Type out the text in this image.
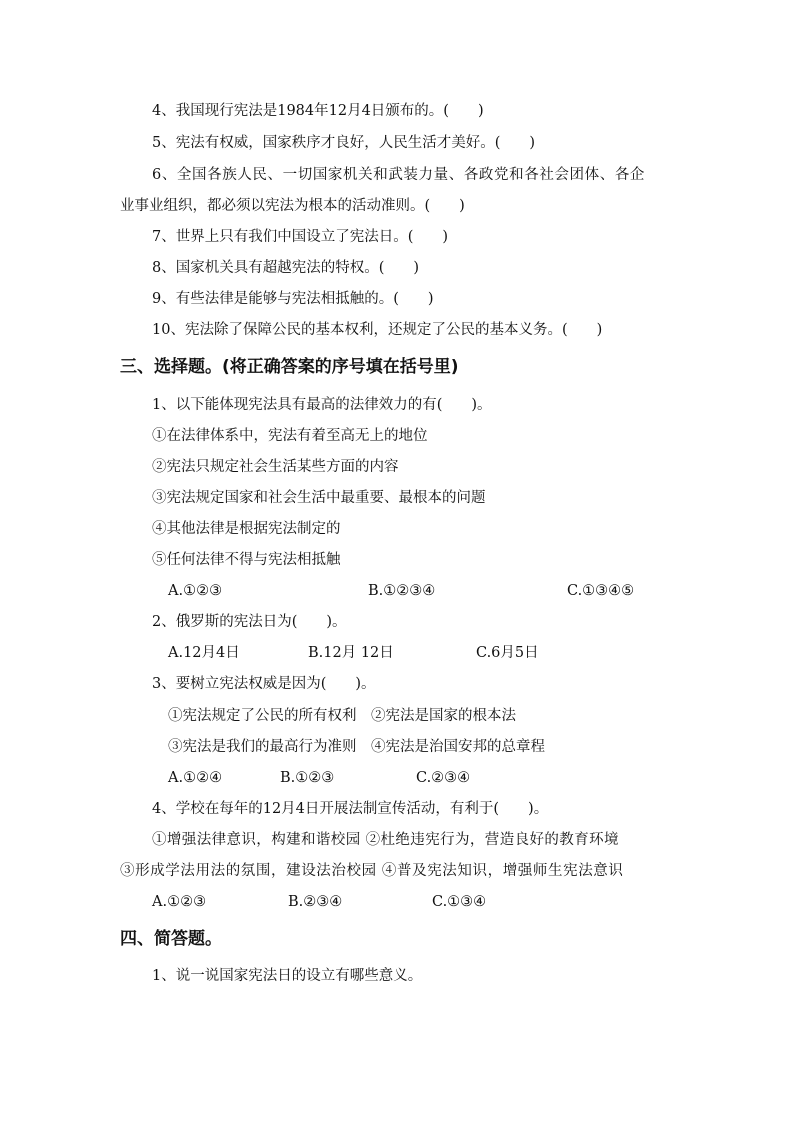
4、我国现行宪法是1984年12月4日颁布的。(　　)
5、宪法有权威，国家秩序才良好，人民生活才美好。(　　)
6、全国各族人民、一切国家机关和武装力量、各政党和各社会团体、各企
业事业组织，都必须以宪法为根本的活动准则。(　　)
7、世界上只有我们中国设立了宪法日。(　　)
8、国家机关具有超越宪法的特权。(　　)
9、有些法律是能够与宪法相抵触的。(　　)
10、宪法除了保障公民的基本权利，还规定了公民的基本义务。(　　)
三、选择题。(将正确答案的序号填在括号里)
1、以下能体现宪法具有最高的法律效力的有(　　)。
①在法律体系中，宪法有着至高无上的地位
②宪法只规定社会生活某些方面的内容
③宪法规定国家和社会生活中最重要、最根本的问题
④其他法律是根据宪法制定的
⑤任何法律不得与宪法相抵触
A.①②③	B.①②③④	C.①③④⑤
2、俄罗斯的宪法日为(　　)。
A.12月4日	B.12月 12日	C.6月5日
3、要树立宪法权威是因为(　　)。
①宪法规定了公民的所有权利　②宪法是国家的根本法
③宪法是我们的最高行为准则　④宪法是治国安邦的总章程
A.①②④	B.①②③	C.②③④
4、学校在每年的12月4日开展法制宣传活动，有利于(　　)。
①增强法律意识，构建和谐校园 ②杜绝违宪行为，营造良好的教育环境
③形成学法用法的氛围，建设法治校园 ④普及宪法知识，增强师生宪法意识
A.①②③	B.②③④	C.①③④
四、简答题。
1、说一说国家宪法日的设立有哪些意义。
